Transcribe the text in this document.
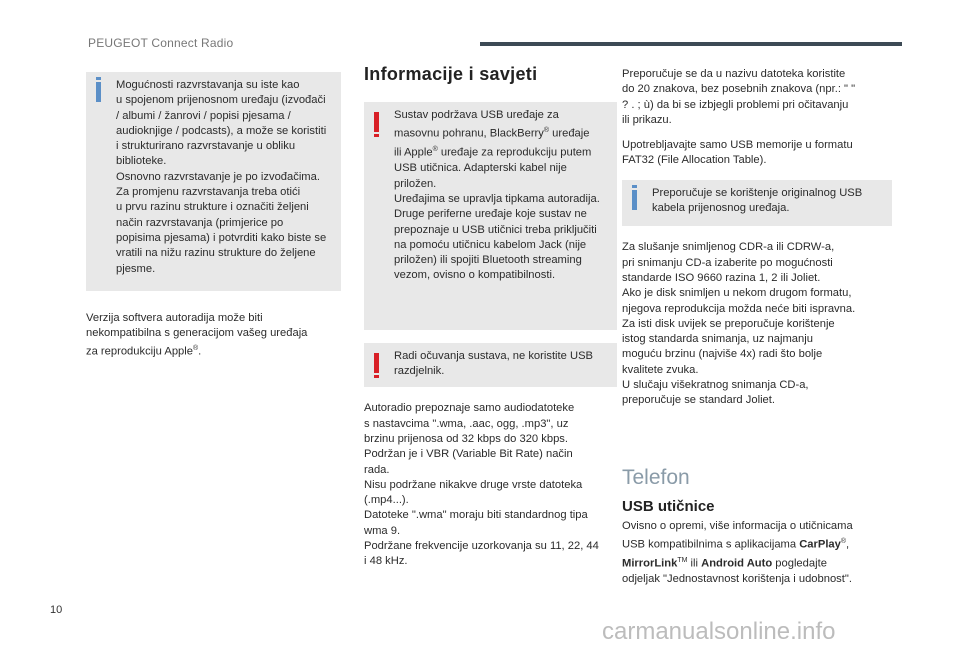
PEUGEOT Connect Radio

Mogućnosti razvrstavanja su iste kao
u spojenom prijenosnom uređaju (izvođači
/ albumi / žanrovi / popisi pjesama /
audioknjige / podcasts), a može se koristiti
i strukturirano razvrstavanje u obliku
biblioteke.
Osnovno razvrstavanje je po izvođačima.
Za promjenu razvrstavanja treba otići
u prvu razinu strukture i označiti željeni
način razvrstavanja (primjerice po
popisima pjesama) i potvrditi kako biste se
vratili na nižu razinu strukture do željene
pjesme.

Verzija softvera autoradija može biti
nekompatibilna s generacijom vašeg uređaja
za reprodukciju Apple®.

Informacije i savjeti

Sustav podržava USB uređaje za
masovnu pohranu, BlackBerry® uređaje
ili Apple® uređaje za reprodukciju putem
USB utičnica. Adapterski kabel nije
priložen.
Uređajima se upravlja tipkama autoradija.
Druge periferne uređaje koje sustav ne
prepoznaje u USB utičnici treba priključiti
na pomoću utičnicu kabelom Jack (nije
priložen) ili spojiti Bluetooth streaming
vezom, ovisno o kompatibilnosti.

Radi očuvanja sustava, ne koristite USB
razdjelnik.

Autoradio prepoznaje samo audiodatoteke
s nastavcima ".wma, .aac, ogg, .mp3", uz
brzinu prijenosa od 32 kbps do 320 kbps.
Podržan je i VBR (Variable Bit Rate) način
rada.
Nisu podržane nikakve druge vrste datoteka
(.mp4...).
Datoteke ".wma" moraju biti standardnog tipa
wma 9.
Podržane frekvencije uzorkovanja su 11, 22, 44
i 48 kHz.

Preporučuje se da u nazivu datoteka koristite
do 20 znakova, bez posebnih znakova (npr.: " "
? . ; ù) da bi se izbjegli problemi pri očitavanju
ili prikazu.

Upotrebljavajte samo USB memorije u formatu
FAT32 (File Allocation Table).

Preporučuje se korištenje originalnog USB
kabela prijenosnog uređaja.

Za slušanje snimljenog CDR-a ili CDRW-a,
pri snimanju CD-a izaberite po mogućnosti
standarde ISO 9660 razina 1, 2 ili Joliet.
Ako je disk snimljen u nekom drugom formatu,
njegova reprodukcija možda neće biti ispravna.
Za isti disk uvijek se preporučuje korištenje
istog standarda snimanja, uz najmanju
moguću brzinu (najviše 4x) radi što bolje
kvalitete zvuka.
U slučaju višekratnog snimanja CD-a,
preporučuje se standard Joliet.

Telefon
USB utičnice

Ovisno o opremi, više informacija o utičnicama
USB kompatibilnima s aplikacijama CarPlay®,
MirrorLink™ ili Android Auto pogledajte
odjeljak "Jednostavnost korištenja i udobnost".

10
carmanualsonline.info
